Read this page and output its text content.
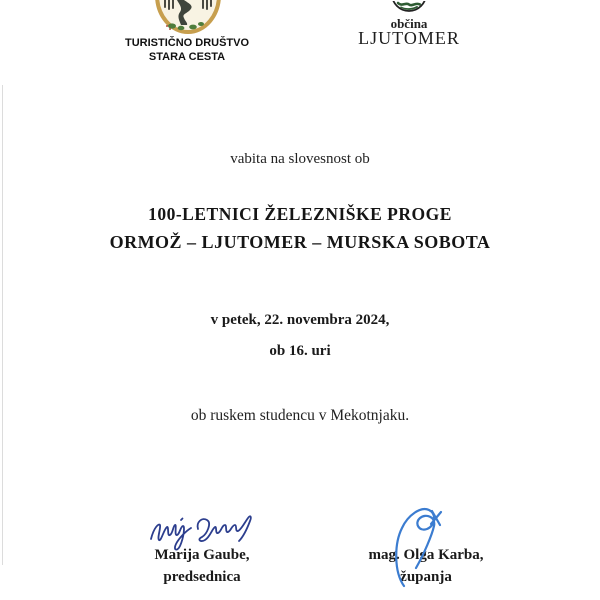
TURISTIČNO DRUŠTVO
STARA CESTA
občina
LJUTOMER
vabita na slovesnost ob
100-LETNICI ŽELEZNIŠKE PROGE
ORMOŽ – LJUTOMER – MURSKA SOBOTA
v petek, 22. novembra 2024,
ob 16. uri
ob ruskem studencu v Mekotnjaku.
Marija Gaube,
predsednica
mag. Olga Karba,
županja
